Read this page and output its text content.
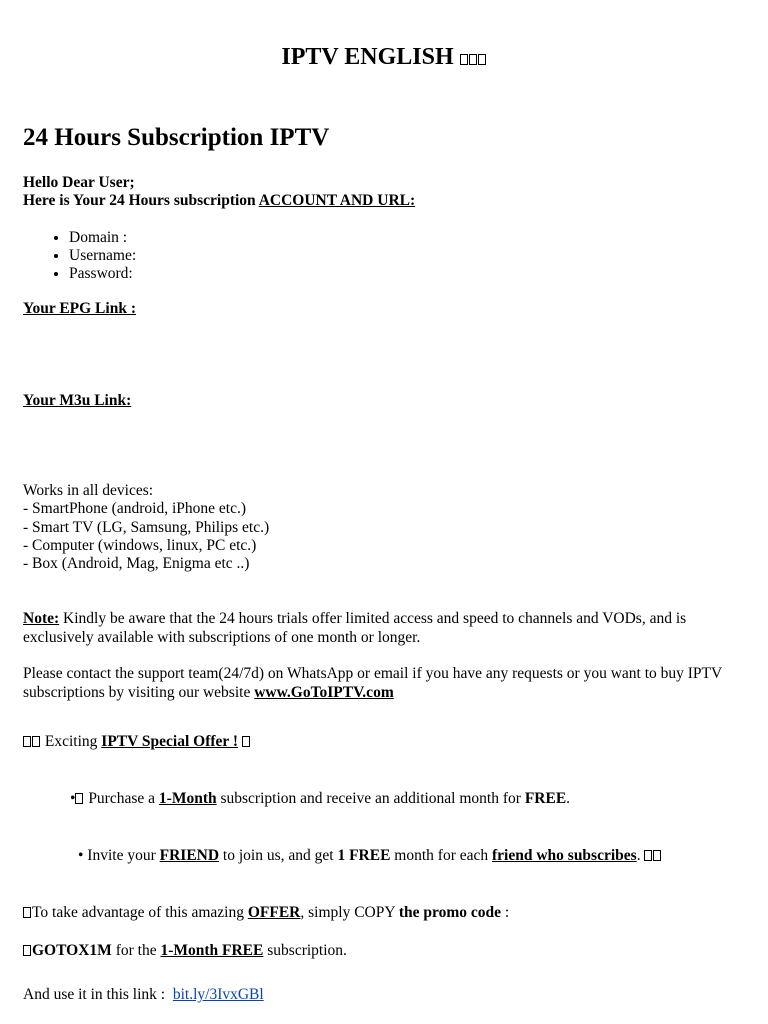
IPTV ENGLISH
24 Hours Subscription IPTV
Hello Dear User;
Here is Your 24 Hours subscription ACCOUNT AND URL:
• Domain :
• Username:
• Password:
Your EPG Link :
Your M3u Link:
Works in all devices:
- SmartPhone (android, iPhone etc.)
- Smart TV (LG, Samsung, Philips etc.)
- Computer (windows, linux, PC etc.)
- Box (Android, Mag, Enigma etc ..)
Note: Kindly be aware that the 24 hours trials offer limited access and speed to channels and VODs, and is exclusively available with subscriptions of one month or longer.
Please contact the support team(24/7d) on WhatsApp or email if you have any requests or you want to buy IPTV subscriptions by visiting our website www.GoToIPTV.com
Exciting IPTV Special Offer !
• Purchase a 1-Month subscription and receive an additional month for FREE.
• Invite your FRIEND to join us, and get 1 FREE month for each friend who subscribes.
To take advantage of this amazing OFFER, simply COPY the promo code :
GOTOX1M for the 1-Month FREE subscription.
And use it in this link :  bit.ly/3IvxGBl
